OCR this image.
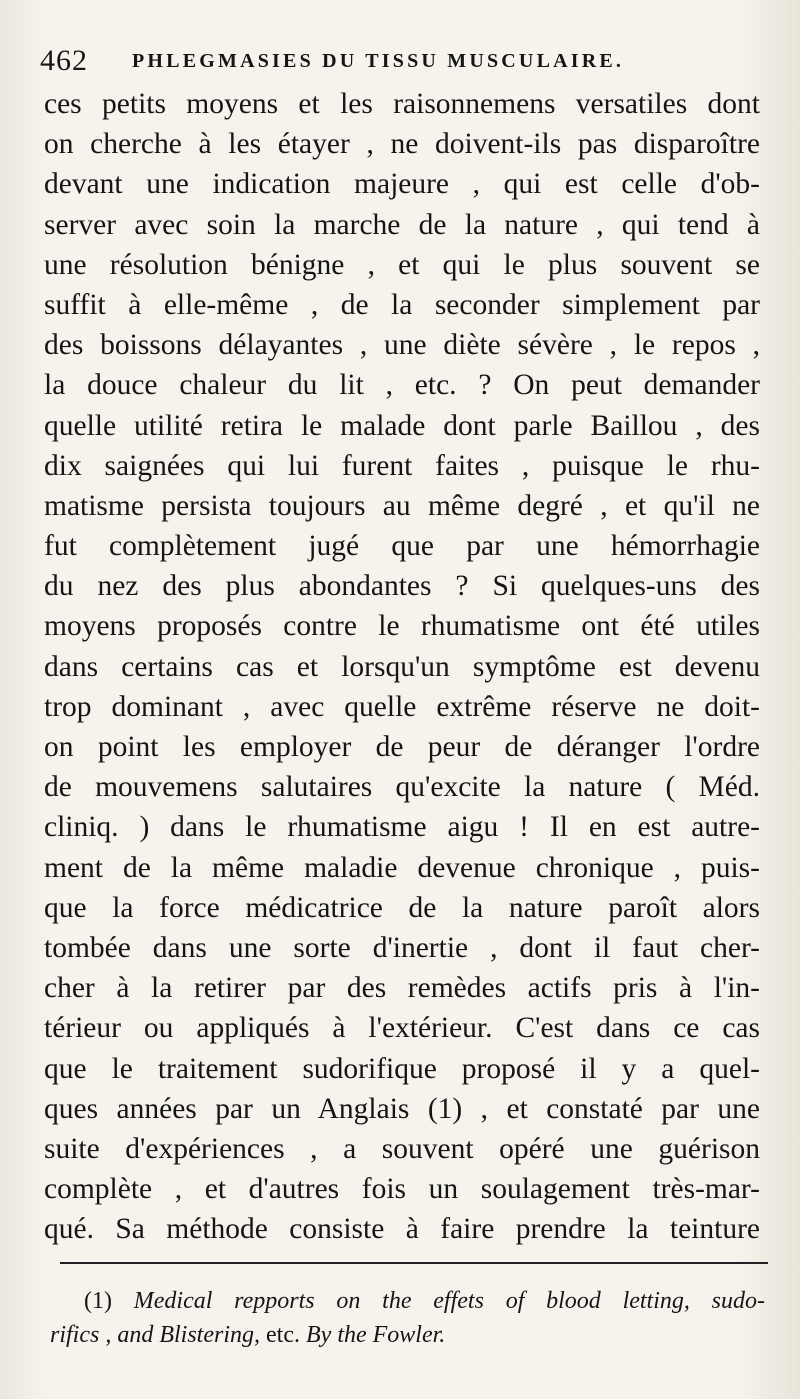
462 PHLEGMASIES DU TISSU MUSCULAIRE.
ces petits moyens et les raisonnemens versatiles dont
on cherche à les étayer , ne doivent-ils pas disparoître
devant une indication majeure , qui est celle d'ob-
server avec soin la marche de la nature , qui tend à
une résolution bénigne , et qui le plus souvent se
suffit à elle-même , de la seconder simplement par
des boissons délayantes , une diète sévère , le repos ,
la douce chaleur du lit , etc. ? On peut demander
quelle utilité retira le malade dont parle Baillou , des
dix saignées qui lui furent faites , puisque le rhu-
matisme persista toujours au même degré , et qu'il ne
fut complètement jugé que par une hémorrhagie
du nez des plus abondantes ? Si quelques-uns des
moyens proposés contre le rhumatisme ont été utiles
dans certains cas et lorsqu'un symptôme est devenu
trop dominant , avec quelle extrême réserve ne doit-
on point les employer de peur de déranger l'ordre
de mouvemens salutaires qu'excite la nature ( Méd.
cliniq. ) dans le rhumatisme aigu ! Il en est autre-
ment de la même maladie devenue chronique , puis-
que la force médicatrice de la nature paroît alors
tombée dans une sorte d'inertie , dont il faut cher-
cher à la retirer par des remèdes actifs pris à l'in-
térieur ou appliqués à l'extérieur. C'est dans ce cas
que le traitement sudorifique proposé il y a quel-
ques années par un Anglais (1) , et constaté par une
suite d'expériences , a souvent opéré une guérison
complète , et d'autres fois un soulagement très-mar-
qué. Sa méthode consiste à faire prendre la teinture
(1) Medical repports on the effets of blood letting, sudo-
rifics , and Blistering, etc. By the Fowler.
